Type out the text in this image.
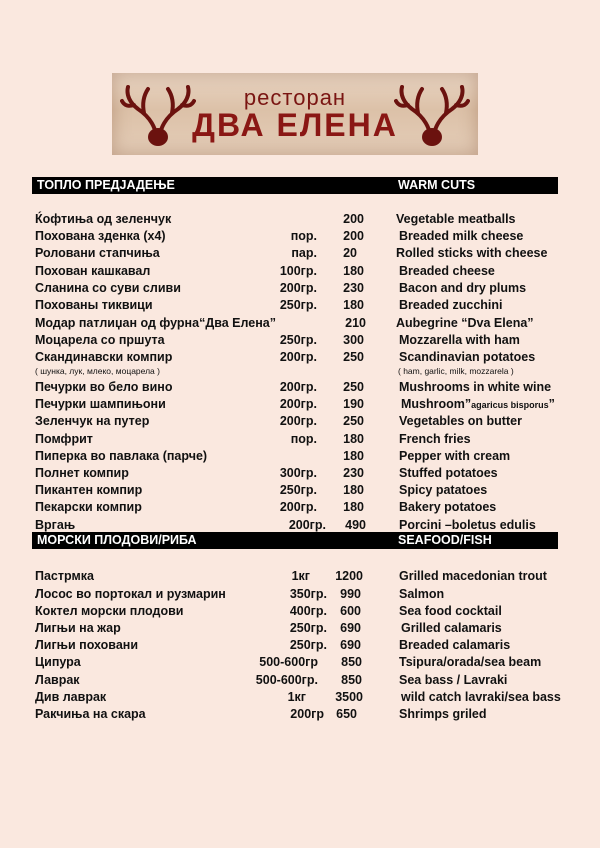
ресторан
ДВА ЕЛЕНА
ТОПЛО ПРЕДЈАДЕЊЕ	WARM CUTS
МОРСКИ ПЛОДОВИ/РИБА	SEAFOOD/FISH
Ќофтиња од зеленчук	200	Vegetable meatballs
Похована зденка (x4)	пор. 200	Breaded milk cheese
Роловани стапчиња	пар. 20	Rolled sticks with cheese
Похован кашкавал	100гр. 180	Breaded cheese
Сланина со суви сливи	200гр. 230	Bacon and dry plums
Похованы тиквици	250гр. 180	Breaded zucchini
Модар патлиџан од фурна“Два Елена”	210 Aubegrine “Dva Elena”
Моцарела со пршута	250гр. 300	Mozzarella with ham
Скандинавски компир	200гр. 250	Scandinavian potatoes
( шунка, лук, млеко, моцарела )	( ham, garlic, milk, mozzarela )
Печурки во бело вино	200гр. 250	Mushrooms in white wine
Печурки шампињони	200гр. 190	Mushroom”agaricus bisporus”
Зеленчук на путер	200гр. 250	Vegetables on butter
Помфрит	пор. 180	French fries
Пиперка во павлака (парче)	180	Pepper with cream
Полнет компир	300гр. 230	Stuffed potatoes
Пикантен компир	250гр. 180	Spicy patatoes
Пекарски компир	200гр. 180	Bakery potatoes
Вргањ	200гр. 490	Porcini –boletus edulis
Пастрмка	1кг 1200	Grilled macedonian trout
Лосос во портокал и рузмарин	350гр. 990	Salmon
Коктел морски плодови	400гр. 600	Sea food cocktail
Лигњи на жар	250гр. 690	Grilled calamaris
Лигњи поховани	250гр. 690	Breaded calamaris
Ципура	500-600гр 850	Tsipura/orada/sea beam
Лаврак	500-600гр. 850	Sea bass / Lavraki
Див лаврак	1кг 3500	wild catch lavraki/sea bass
Ракчиња на скара	200гр 650	Shrimps griled
